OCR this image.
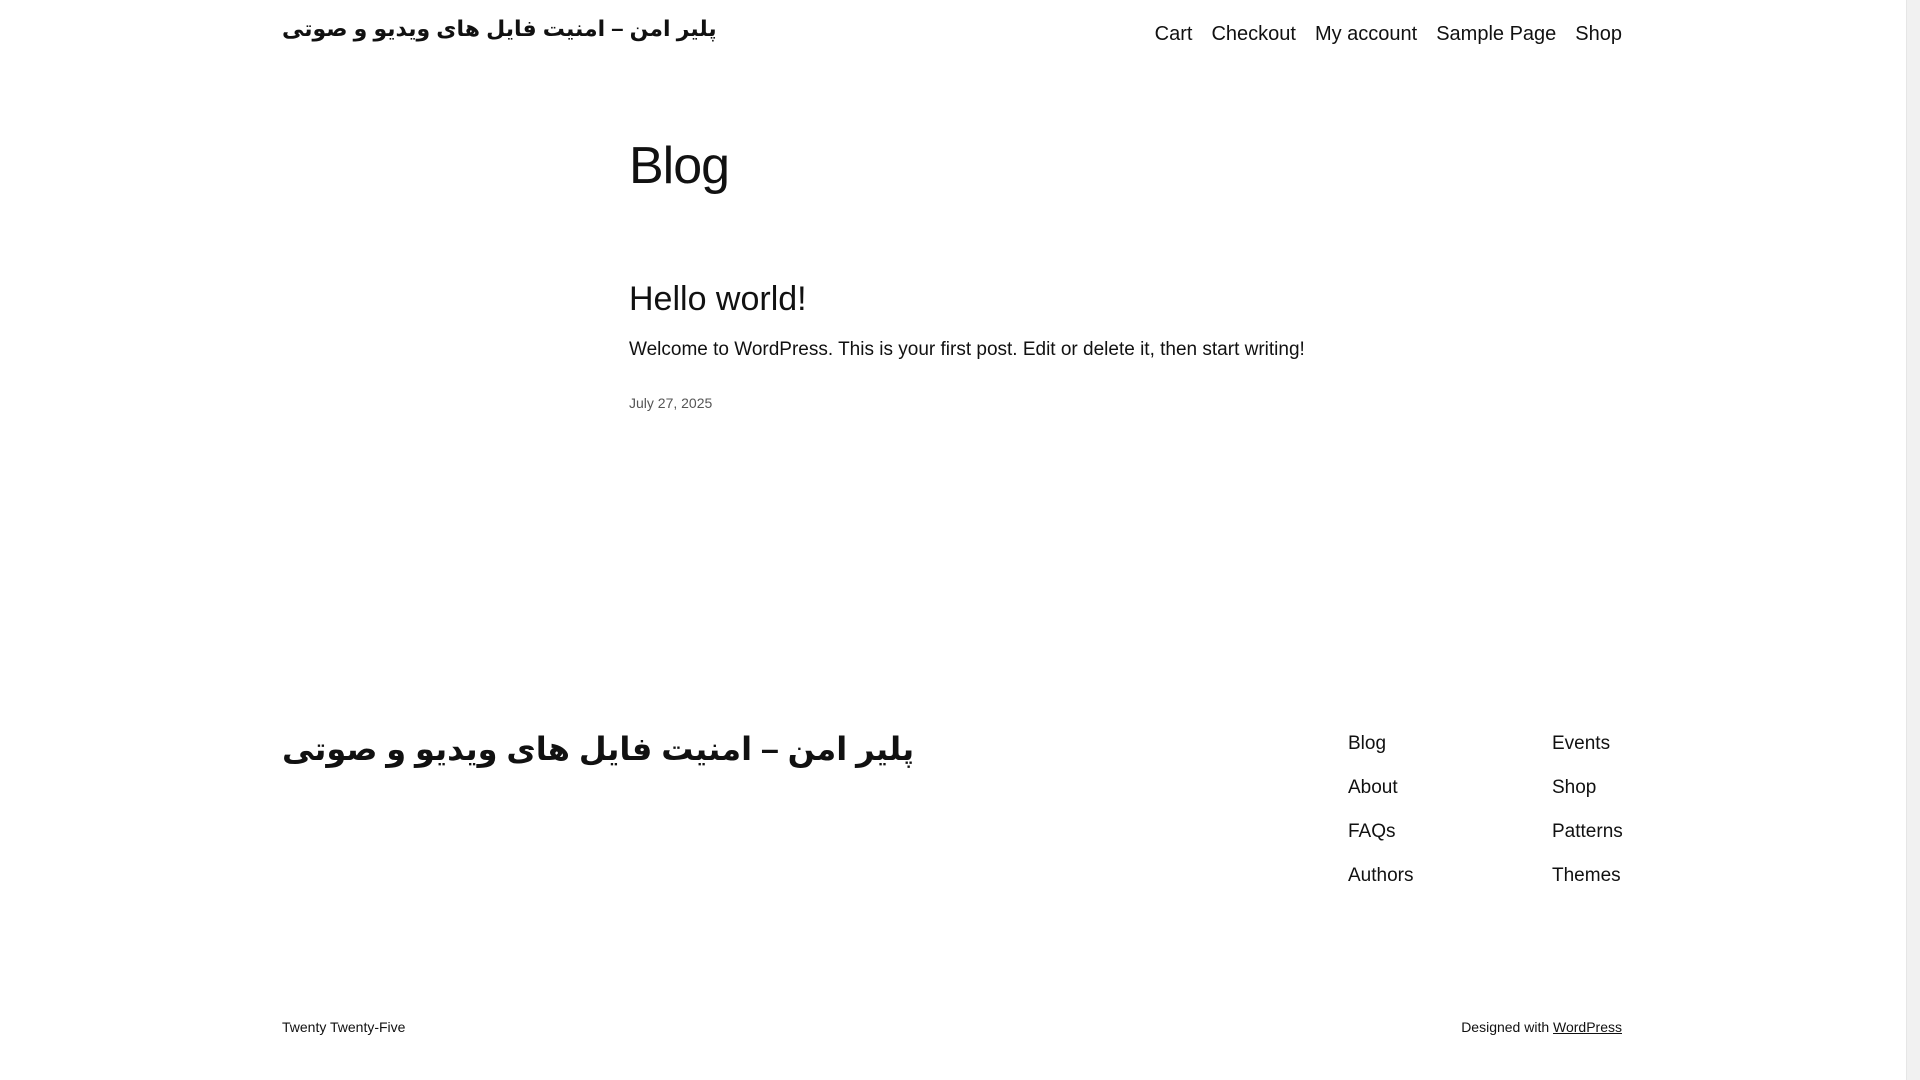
پلیر امن – امنیت فایل های ویدیو و صوتی	Cart Checkout My account Sample Page Shop
Blog
Hello world!

Welcome to WordPress. This is your first post. Edit or delete it, then start writing!

July 27, 2025
پلیر امن – امنیت فایل های ویدیو و صوتی	Blog
About
FAQs
Authors
Events
Shop
Patterns
Themes
Twenty Twenty-Five	Designed with WordPress
